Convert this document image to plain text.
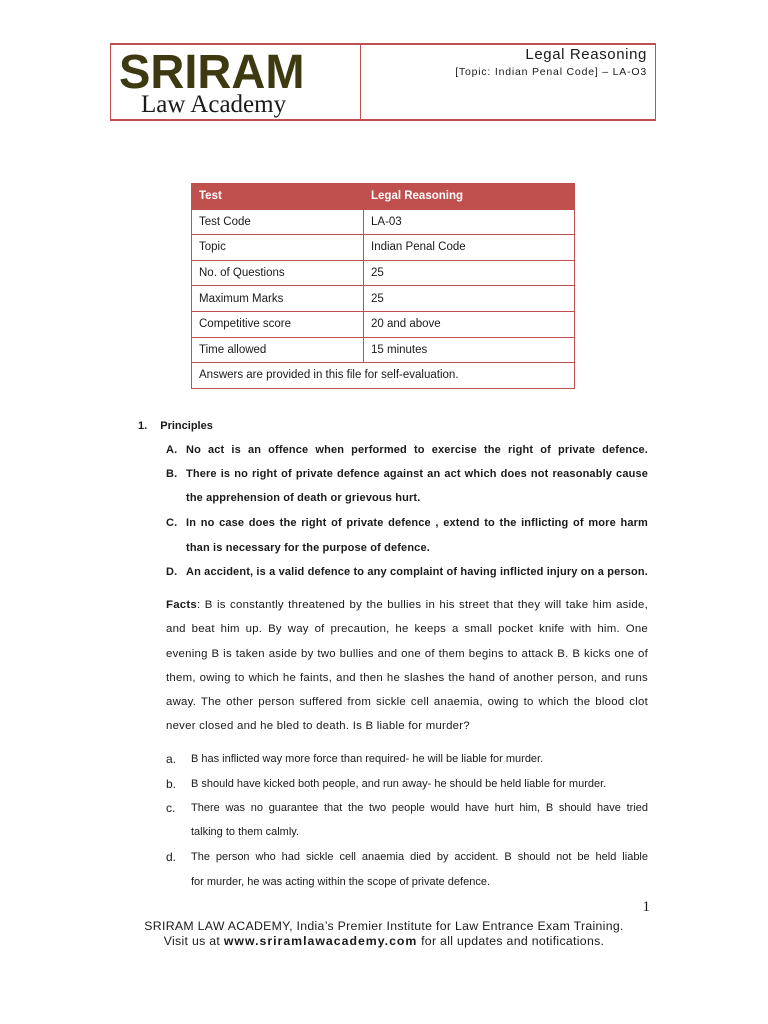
SRIRAM
Law Academy
Legal Reasoning
[Topic: Indian Penal Code] – LA-O3
Test	Legal Reasoning
Test Code	LA-03
Topic	Indian Penal Code
No. of Questions	25
Maximum Marks	25
Competitive score	20 and above
Time allowed	15 minutes
Answers are provided in this file for self-evaluation.	
1. Principles
A. No act is an offence when performed to exercise the right of private defence.
B. There is no right of private defence against an act which does not reasonably cause
the apprehension of death or grievous hurt.
C. In no case does the right of private defence , extend to the inflicting of more harm
than is necessary for the purpose of defence.
D. An accident, is a valid defence to any complaint of having inflicted injury on a person.
Facts: B is constantly threatened by the bullies in his street that they will take him aside,
and beat him up. By way of precaution, he keeps a small pocket knife with him. One
evening B is taken aside by two bullies and one of them begins to attack B. B kicks one of
them, owing to which he faints, and then he slashes the hand of another person, and runs
away. The other person suffered from sickle cell anaemia, owing to which the blood clot
never closed and he bled to death. Is B liable for murder?
a. B has inflicted way more force than required- he will be liable for murder.
b. B should have kicked both people, and run away- he should be held liable for murder.
c. There was no guarantee that the two people would have hurt him, B should have tried
talking to them calmly.
d. The person who had sickle cell anaemia died by accident. B should not be held liable
for murder, he was acting within the scope of private defence.
1
SRIRAM LAW ACADEMY, India’s Premier Institute for Law Entrance Exam Training.
Visit us at www.sriramlawacademy.com for all updates and notifications.
